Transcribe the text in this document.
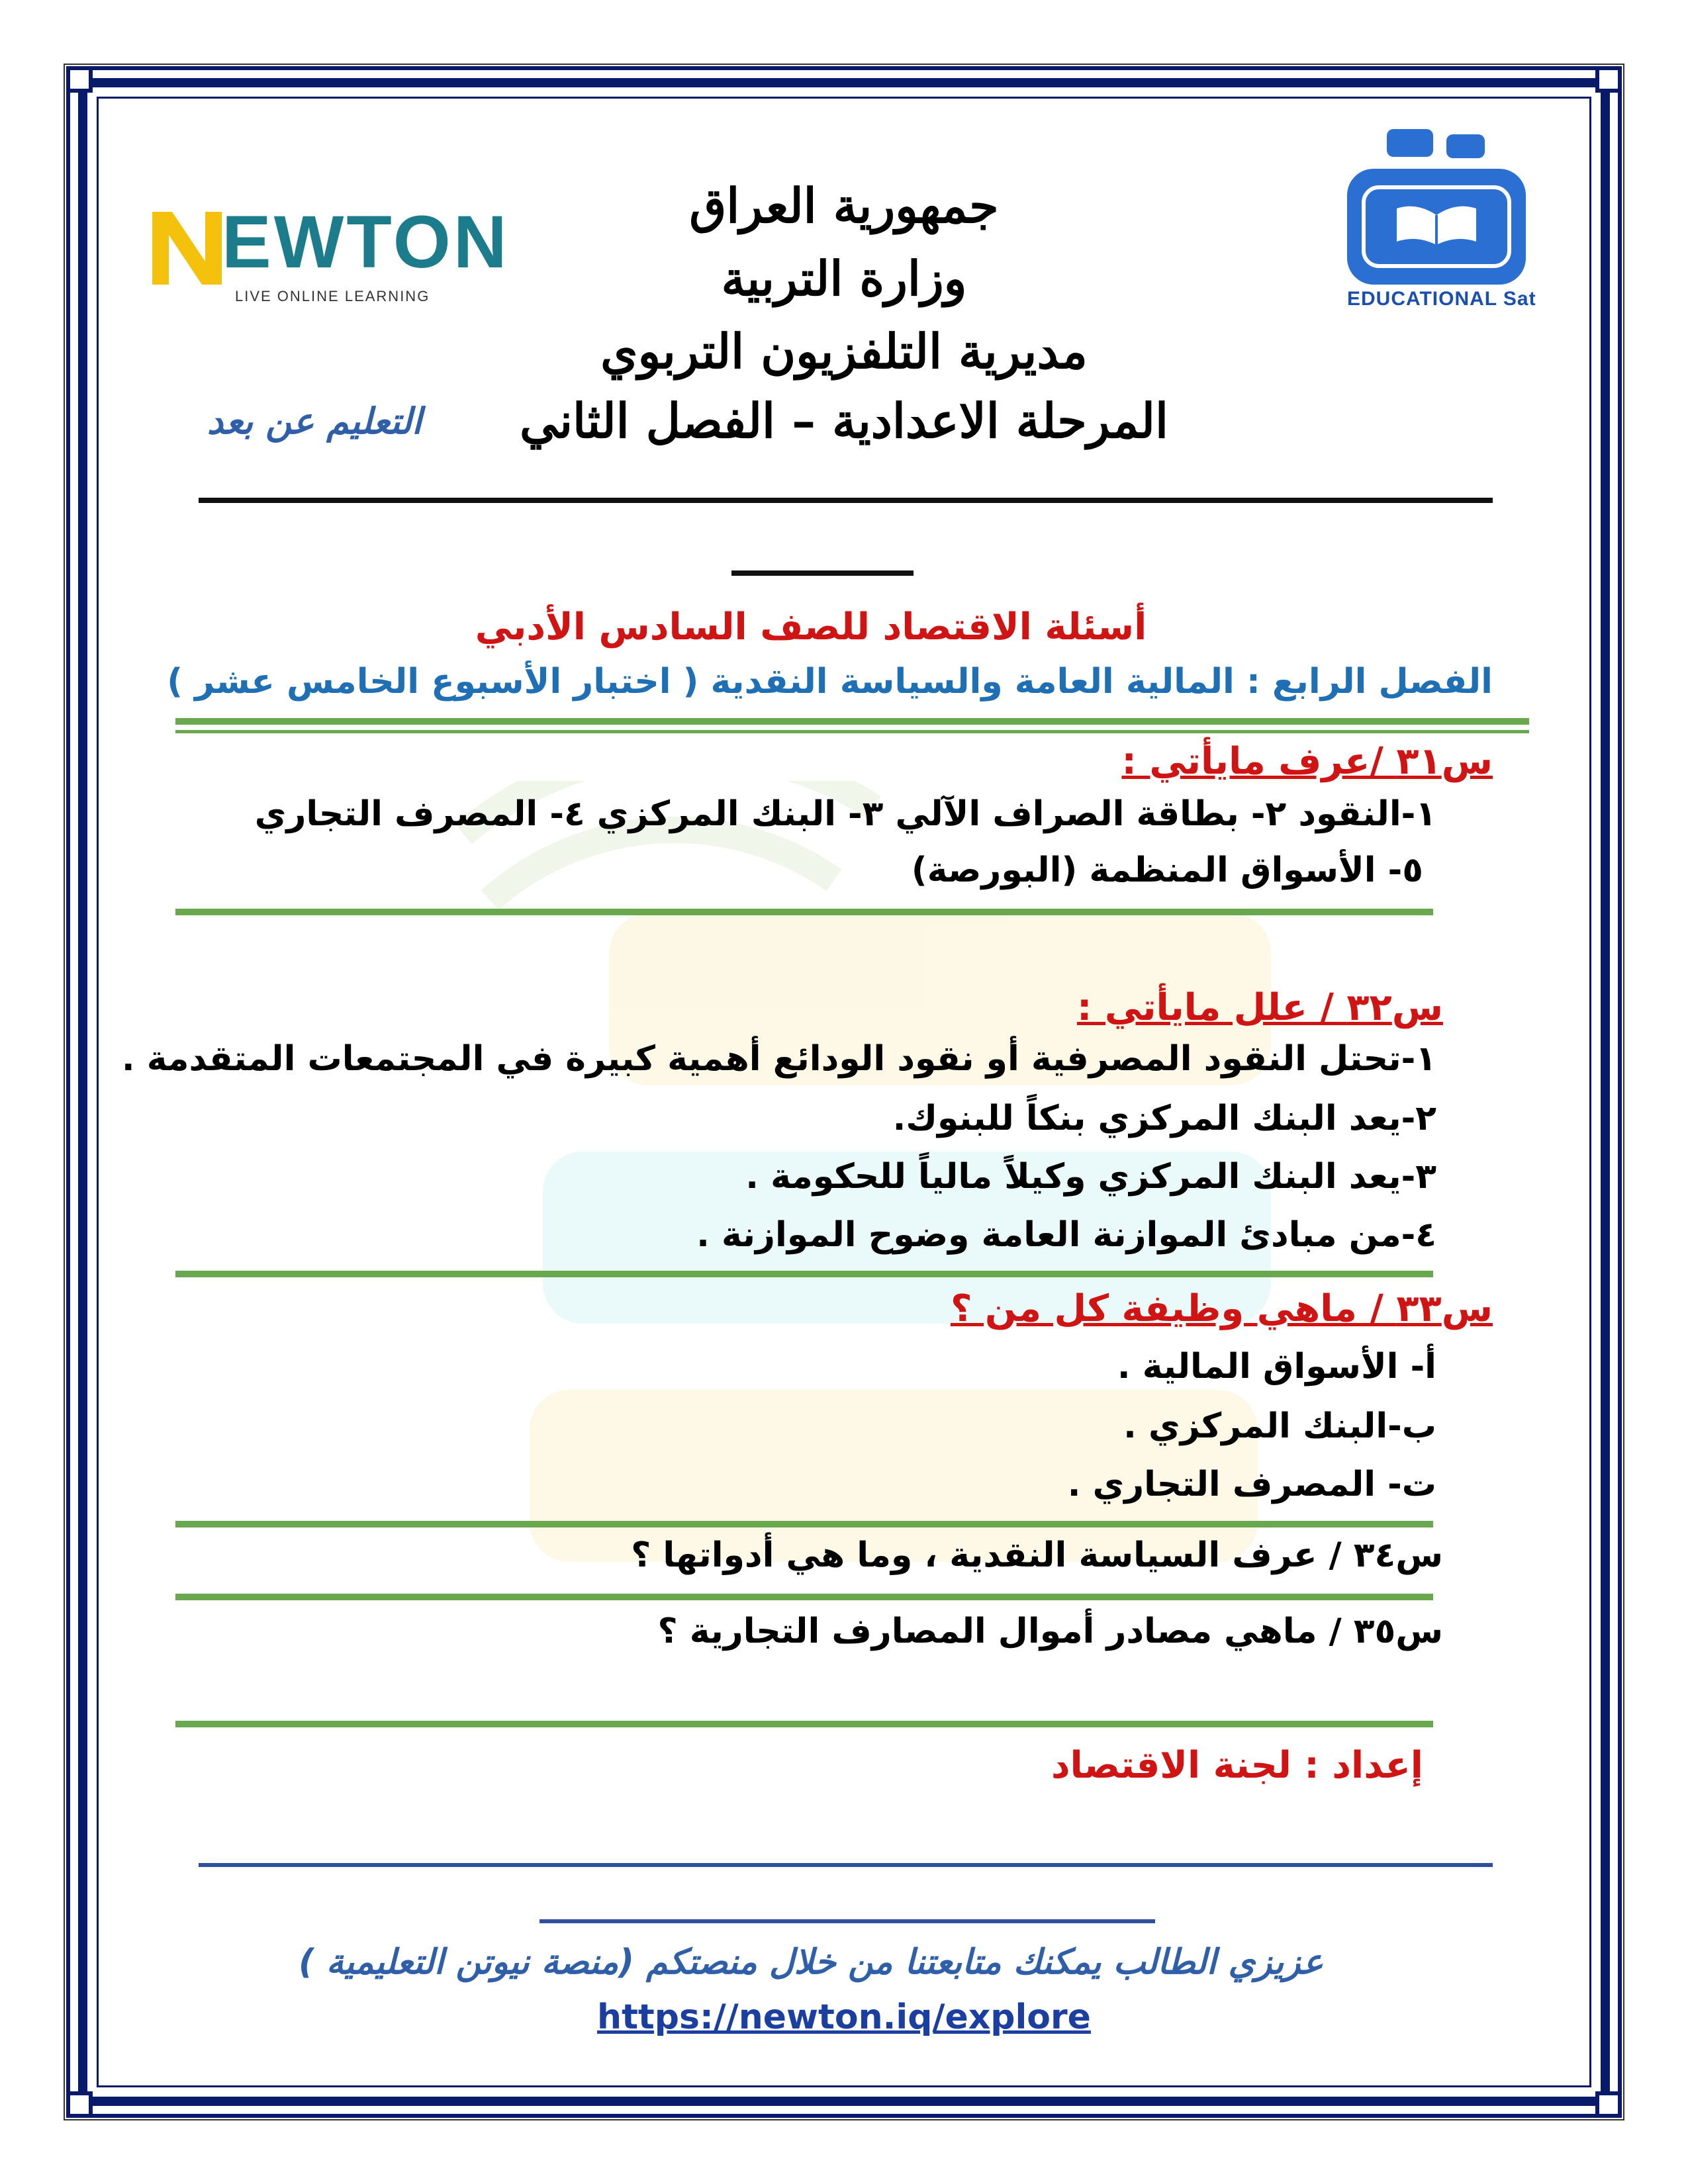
جمهورية العراق
وزارة التربية
مديرية التلفزيون التربوي
المرحلة الاعدادية – الفصل الثاني
التعليم عن بعد
EWTON
LIVE ONLINE LEARNING	EDUCATIONAL Sat
أسئلة الاقتصاد للصف السادس الأدبي
الفصل الرابع : المالية العامة والسياسة النقدية ( اختبار الأسبوع الخامس عشر )
س٣١ /عرف مايأتي :
١-النقود ٢- بطاقة الصراف الآلي ٣- البنك المركزي ٤- المصرف التجاري
٥- الأسواق المنظمة (البورصة)
س٣٢ / علل مايأتي :
١-تحتل النقود المصرفية أو نقود الودائع أهمية كبيرة في المجتمعات المتقدمة .
٢-يعد البنك المركزي بنكاً للبنوك.
٣-يعد البنك المركزي وكيلاً مالياً للحكومة .
٤-من مبادئ الموازنة العامة وضوح الموازنة .
س٣٣ / ماهي وظيفة كل من ؟
أ- الأسواق المالية .
ب-البنك المركزي .
ت- المصرف التجاري .
س٣٤ / عرف السياسة النقدية ، وما هي أدواتها ؟
س٣٥ / ماهي مصادر أموال المصارف التجارية ؟
إعداد : لجنة الاقتصاد
عزيزي الطالب يمكنك متابعتنا من خلال منصتكم (منصة نيوتن التعليمية )
https://newton.iq/explore
